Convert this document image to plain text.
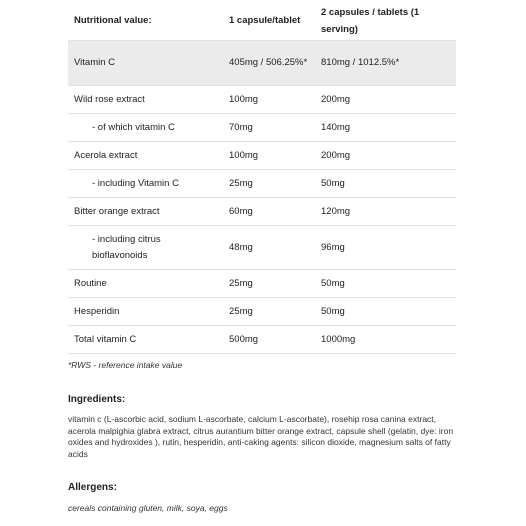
Nutritional value:	1 capsule/tablet	2 capsules / tablets (1 serving)
Vitamin C	405mg / 506.25%*	810mg / 1012.5%*
Wild rose extract	100mg	200mg
- of which vitamin C	70mg	140mg
Acerola extract	100mg	200mg
- including Vitamin C	25mg	50mg
Bitter orange extract	60mg	120mg
- including citrus bioflavonoids	48mg	96mg
Routine	25mg	50mg
Hesperidin	25mg	50mg
Total vitamin C	500mg	1000mg
*RWS - reference intake value
Ingredients:
vitamin c (L-ascorbic acid, sodium L-ascorbate, calcium L-ascorbate), rosehip rosa canina extract, acerola malpighia glabra extract, citrus aurantium bitter orange extract, capsule shell (gelatin, dye: iron oxides and hydroxides ), rutin, hesperidin, anti-caking agents: silicon dioxide, magnesium salts of fatty acids
Allergens:
cereals containing gluten, milk, soya, eggs
